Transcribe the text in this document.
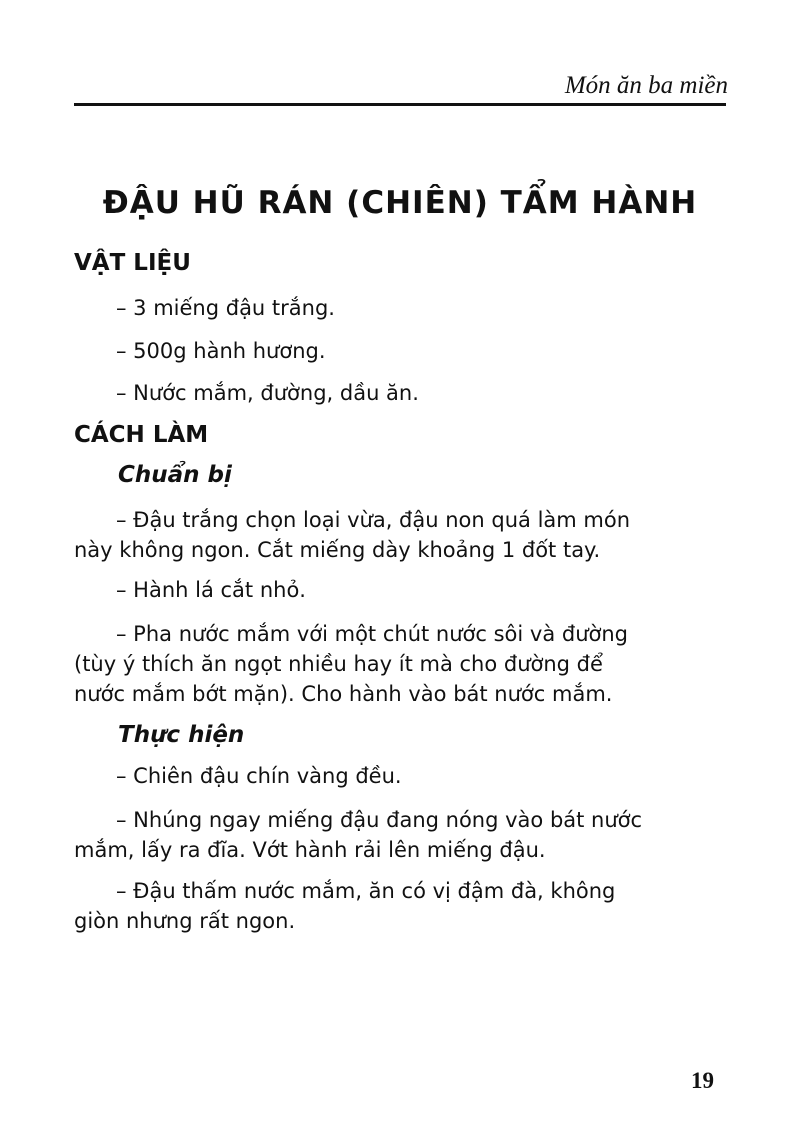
Món ăn ba miền
ĐẬU HŨ RÁN (CHIÊN) TẨM HÀNH
VẬT LIỆU
– 3 miếng đậu trắng.
– 500g hành hương.
– Nước mắm, đường, dầu ăn.
CÁCH LÀM
Chuẩn bị
– Đậu trắng chọn loại vừa, đậu non quá làm món
này không ngon. Cắt miếng dày khoảng 1 đốt tay.
– Hành lá cắt nhỏ.
– Pha nước mắm với một chút nước sôi và đường
(tùy ý thích ăn ngọt nhiều hay ít mà cho đường để
nước mắm bớt mặn). Cho hành vào bát nước mắm.
Thực hiện
– Chiên đậu chín vàng đều.
– Nhúng ngay miếng đậu đang nóng vào bát nước
mắm, lấy ra đĩa. Vớt hành rải lên miếng đậu.
– Đậu thấm nước mắm, ăn có vị đậm đà, không
giòn nhưng rất ngon.
19
